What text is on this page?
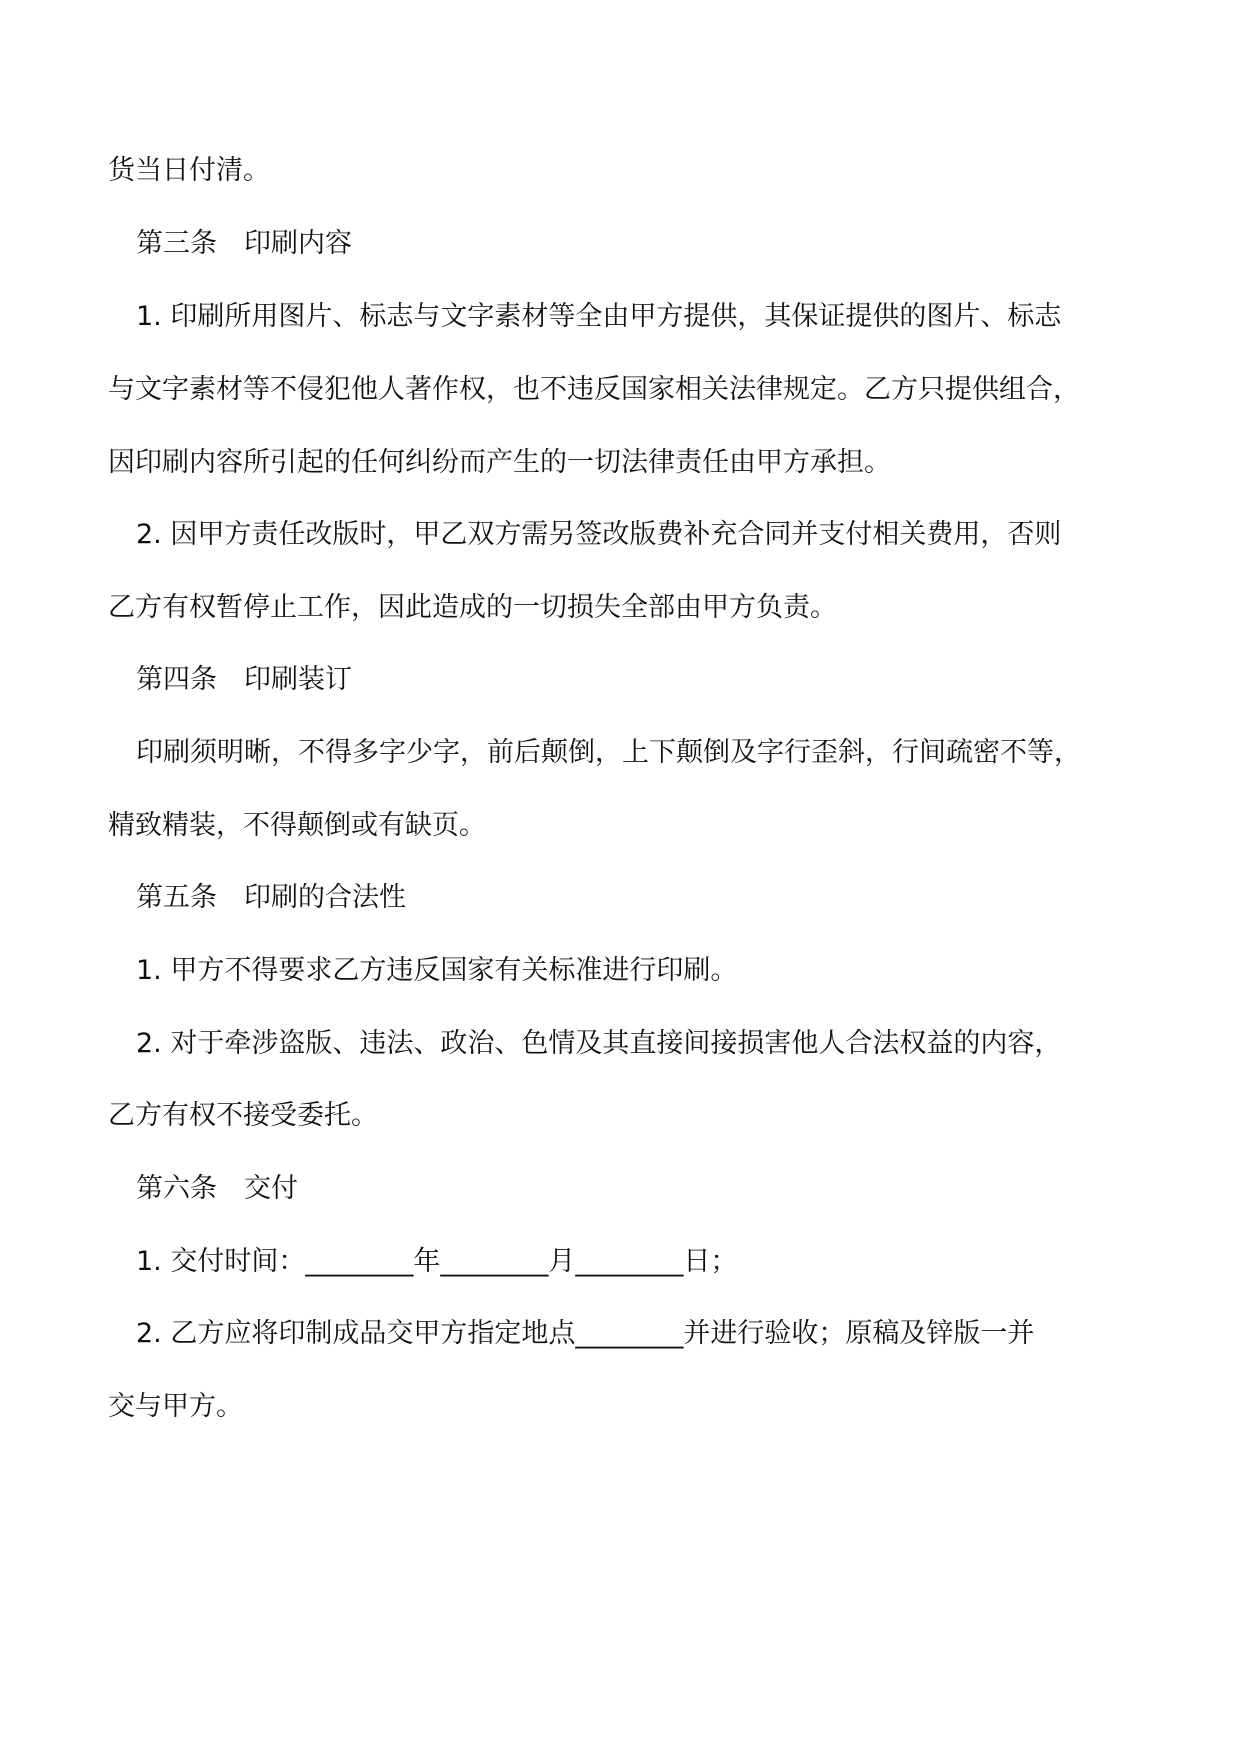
货当日付清。
第三条　印刷内容
1. 印刷所用图片、标志与文字素材等全由甲方提供，其保证提供的图片、标志
与文字素材等不侵犯他人著作权，也不违反国家相关法律规定。乙方只提供组合，
因印刷内容所引起的任何纠纷而产生的一切法律责任由甲方承担。
2. 因甲方责任改版时，甲乙双方需另签改版费补充合同并支付相关费用，否则
乙方有权暂停止工作，因此造成的一切损失全部由甲方负责。
第四条　印刷装订
印刷须明晰，不得多字少字，前后颠倒，上下颠倒及字行歪斜，行间疏密不等，
精致精装，不得颠倒或有缺页。
第五条　印刷的合法性
1. 甲方不得要求乙方违反国家有关标准进行印刷。
2. 对于牵涉盗版、违法、政治、色情及其直接间接损害他人合法权益的内容，
乙方有权不接受委托。
第六条　交付
1. 交付时间：________年________月________日；
2. 乙方应将印制成品交甲方指定地点________并进行验收；原稿及锌版一并
交与甲方。
